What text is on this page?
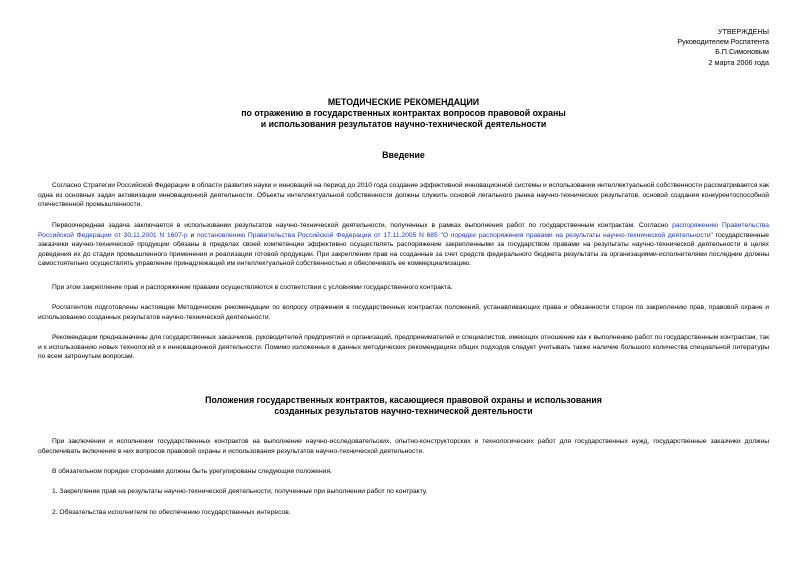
УТВЕРЖДЕНЫ
Руководителем Роспатента
Б.П.Симоновым
2 марта 2006 года
МЕТОДИЧЕСКИЕ РЕКОМЕНДАЦИИ
по отражению в государственных контрактах вопросов правовой охраны
и использования результатов научно-технической деятельности
Введение
Согласно Стратегии Российской Федерации в области развития науки и инноваций на период до 2010 года создание эффективной инновационной системы и использовании интеллектуальной собственности рассматривается как одна из основных задач активизации инновационной деятельности. Объекты интеллектуальной собственности должны служить основой легального рынка научно-технических результатов, основой создания конкурентоспособной отечественной промышленности.
Первоочередная задача заключается в использовании результатов научно-технической деятельности, полученных в рамках выполнения работ по государственным контрактам. Согласно распоряжению Правительства Российской Федерации от 30.11.2001 N 1607-р и постановлению Правительства Российской Федерации от 17.11.2005 N 685 "О порядке распоряжения правами на результаты научно-технической деятельности" государственные заказчики научно-технической продукции обязаны в пределах своей компетенции эффективно осуществлять распоряжение закрепленными за государством правами на результаты научно-технической деятельности в целях доведения их до стадии промышленного применения и реализации готовой продукции. При закреплении прав на созданные за счет средств федерального бюджета результаты за организациями-исполнителями последние должны самостоятельно осуществлять управление принадлежащей им интеллектуальной собственностью и обеспечивать ее коммерциализацию.
При этом закрепление прав и распоряжение правами осуществляются в соответствии с условиями государственного контракта.
Роспатентом подготовлены настоящие Методические рекомендации по вопросу отражения в государственных контрактах положений, устанавливающих права и обязанности сторон по закреплению прав, правовой охране и использованию созданных результатов научно-технической деятельности.
Рекомендации предназначены для государственных заказчиков, руководителей предприятий и организаций, предпринимателей и специалистов, имеющих отношение как к выполнению работ по государственным контрактам, так и к использованию новых технологий и к инновационной деятельности. Помимо изложенных в данных методических рекомендациях общих подходов следует учитывать также наличие большого количества специальной литературы по всем затронутым вопросам.
Положения государственных контрактов, касающиеся правовой охраны и использования
созданных результатов научно-технической деятельности
При заключении и исполнении государственных контрактов на выполнение научно-исследовательских, опытно-конструкторских и технологических работ для государственных нужд, государственные заказчики должны обеспечивать включение в них вопросов правовой охраны и использования результатов научно-технической деятельности.
В обязательном порядке сторонами должны быть урегулированы следующие положения.
1. Закрепление прав на результаты научно-технической деятельности, полученные при выполнении работ по контракту.
2. Обязательства исполнителя по обеспечению государственных интересов.
